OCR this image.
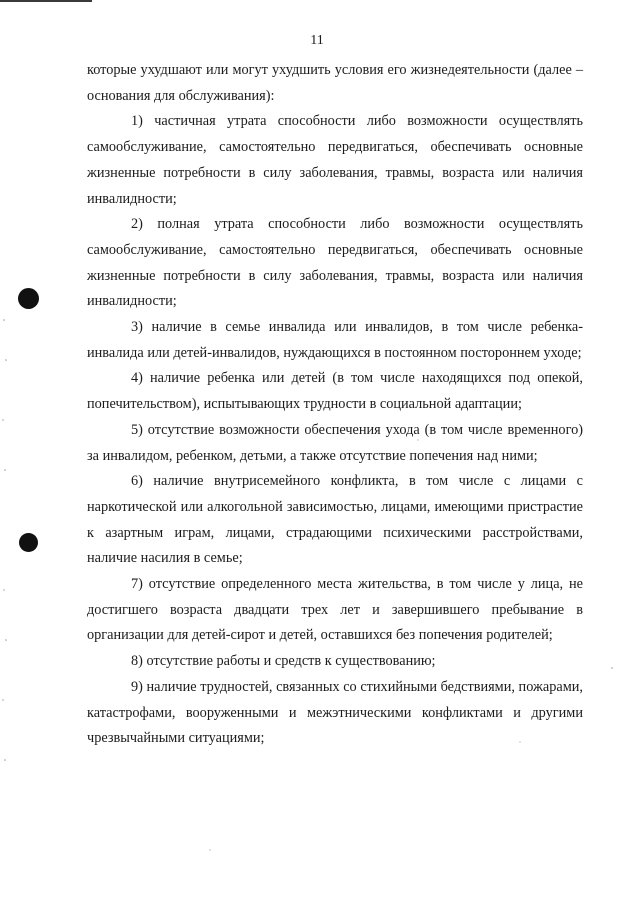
11

которые ухудшают или могут ухудшить условия его жизнедеятельности (далее – основания для обслуживания):

1) частичная утрата способности либо возможности осуществлять самообслуживание, самостоятельно передвигаться, обеспечивать основные жизненные потребности в силу заболевания, травмы, возраста или наличия инвалидности;

2) полная утрата способности либо возможности осуществлять самообслуживание, самостоятельно передвигаться, обеспечивать основные жизненные потребности в силу заболевания, травмы, возраста или наличия инвалидности;

3) наличие в семье инвалида или инвалидов, в том числе ребенка-инвалида или детей-инвалидов, нуждающихся в постоянном постороннем уходе;

4) наличие ребенка или детей (в том числе находящихся под опекой, попечительством), испытывающих трудности в социальной адаптации;

5) отсутствие возможности обеспечения ухода (в том числе временного) за инвалидом, ребенком, детьми, а также отсутствие попечения над ними;

6) наличие внутрисемейного конфликта, в том числе с лицами с наркотической или алкогольной зависимостью, лицами, имеющими пристрастие к азартным играм, лицами, страдающими психическими расстройствами, наличие насилия в семье;

7) отсутствие определенного места жительства, в том числе у лица, не достигшего возраста двадцати трех лет и завершившего пребывание в организации для детей-сирот и детей, оставшихся без попечения родителей;

8) отсутствие работы и средств к существованию;

9) наличие трудностей, связанных со стихийными бедствиями, пожарами, катастрофами, вооруженными и межэтническими конфликтами и другими чрезвычайными ситуациями;
